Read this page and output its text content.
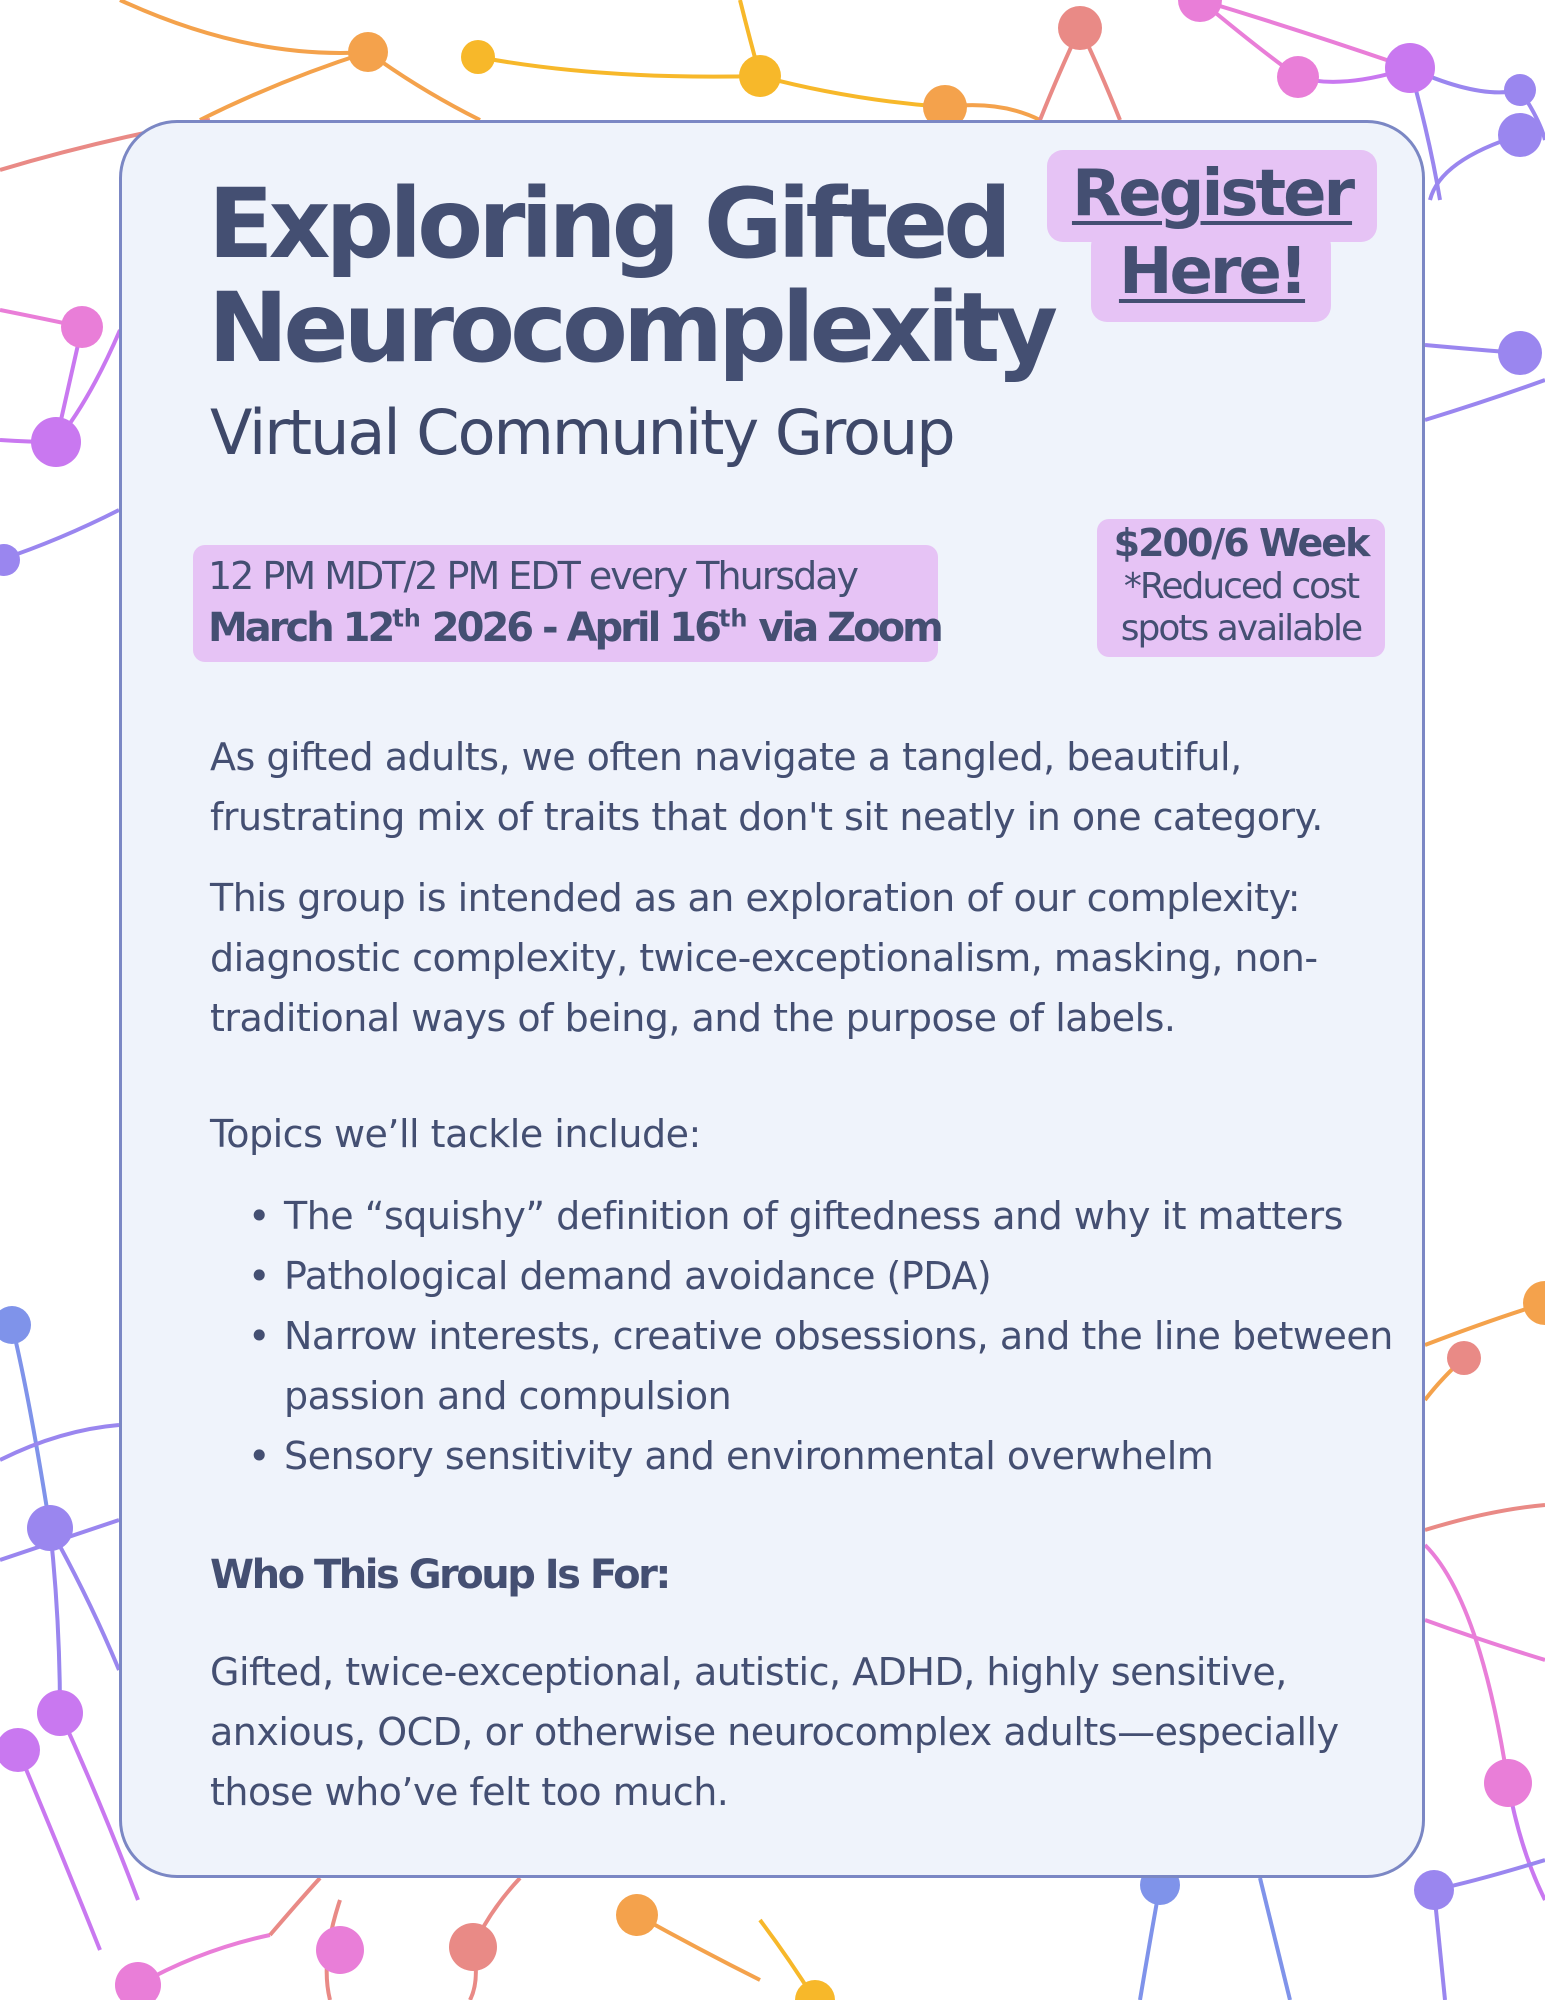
Exploring Gifted
Neurocomplexity
Virtual Community Group
Register
Here!
12 PM MDT/2 PM EDT every Thursday
March 12th 2026 - April 16th via Zoom
$200/6 Week
*Reduced cost
spots available

As gifted adults, we often navigate a tangled, beautiful, frustrating mix of traits that don't sit neatly in one category.

This group is intended as an exploration of our complexity: diagnostic complexity, twice-exceptionalism, masking, non-traditional ways of being, and the purpose of labels.

Topics we’ll tackle include:

• The “squishy” definition of giftedness and why it matters
• Pathological demand avoidance (PDA)
• Narrow interests, creative obsessions, and the line between passion and compulsion
• Sensory sensitivity and environmental overwhelm
Who This Group Is For:

Gifted, twice-exceptional, autistic, ADHD, highly sensitive, anxious, OCD, or otherwise neurocomplex adults—especially those who’ve felt too much.
